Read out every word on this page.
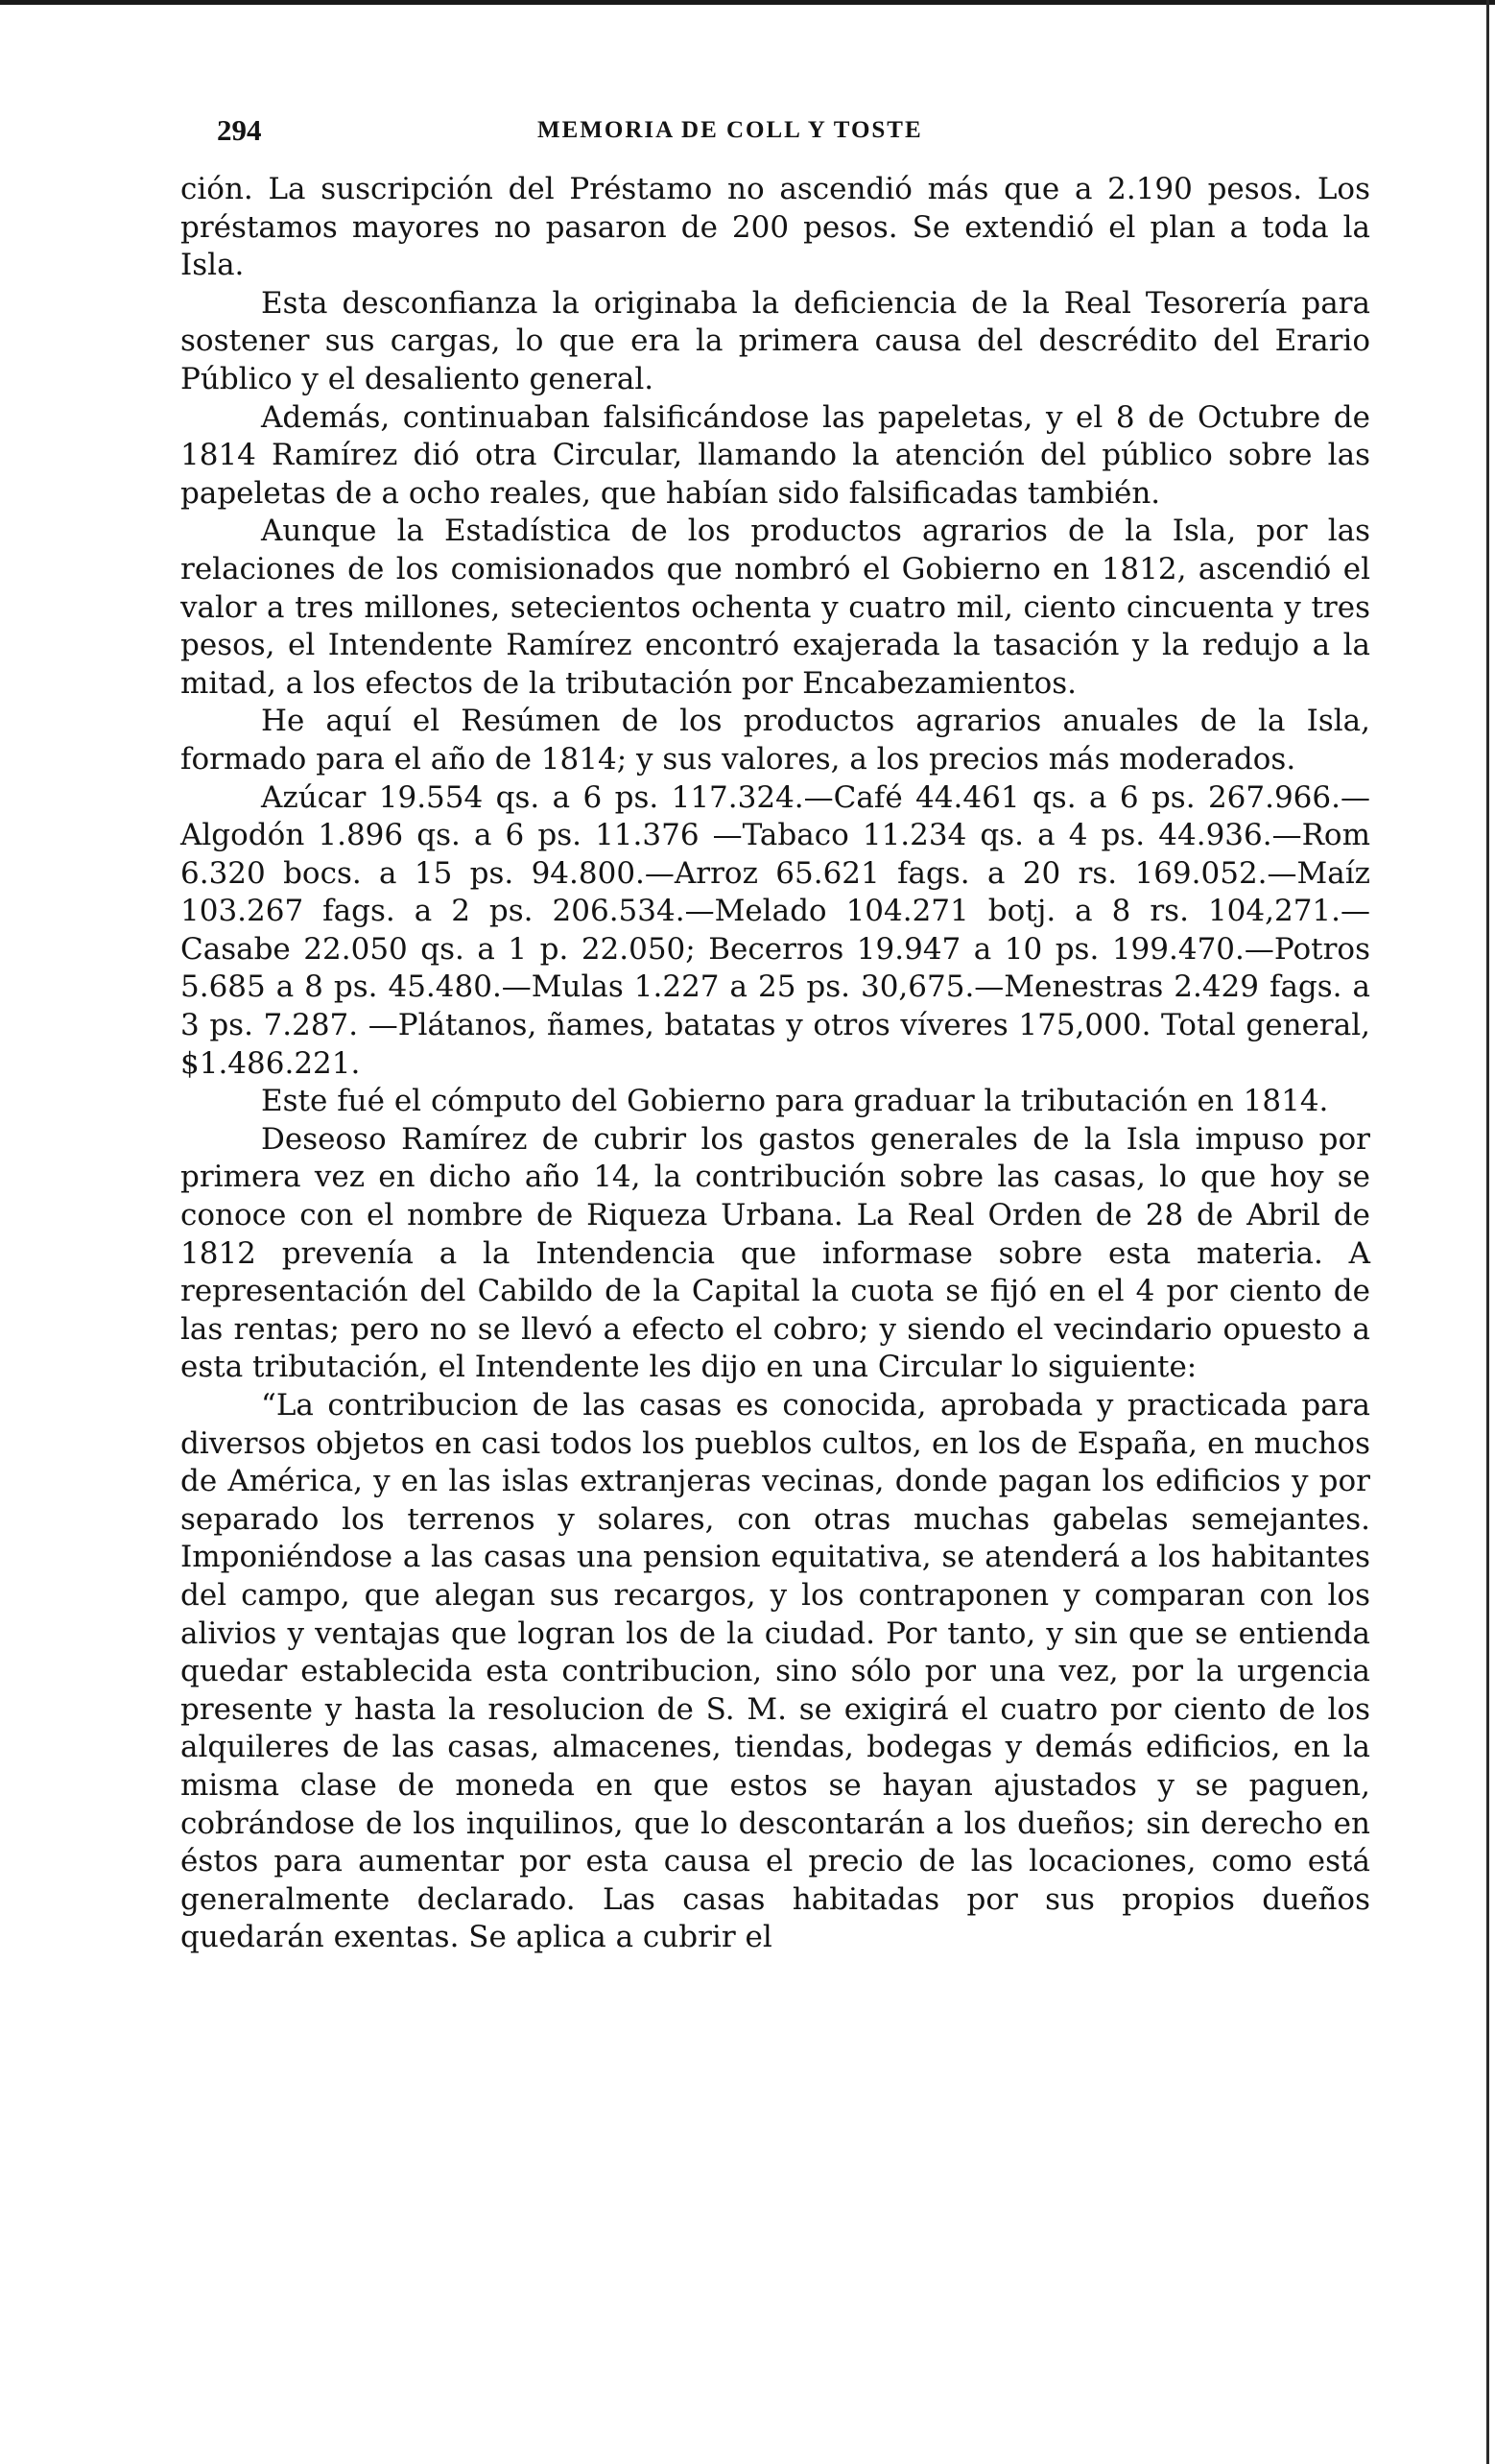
294	MEMORIA DE COLL Y TOSTE

ción. La suscripción del Préstamo no ascendió más que a 2.190 pesos. Los préstamos mayores no pasaron de 200 pesos. Se extendió el plan a toda la Isla.

Esta desconfianza la originaba la deficiencia de la Real Tesorería para sostener sus cargas, lo que era la primera causa del descrédito del Erario Público y el desaliento general.

Además, continuaban falsificándose las papeletas, y el 8 de Octubre de 1814 Ramírez dió otra Circular, llamando la atención del público sobre las papeletas de a ocho reales, que habían sido falsificadas también.

Aunque la Estadística de los productos agrarios de la Isla, por las relaciones de los comisionados que nombró el Gobierno en 1812, ascendió el valor a tres millones, setecientos ochenta y cuatro mil, ciento cincuenta y tres pesos, el Intendente Ramírez encontró exajerada la tasación y la redujo a la mitad, a los efectos de la tributación por Encabezamientos.

He aquí el Resúmen de los productos agrarios anuales de la Isla, formado para el año de 1814; y sus valores, a los precios más moderados.

Azúcar 19.554 qs. a 6 ps. 117.324.—Café 44.461 qs. a 6 ps. 267.966.—Algodón 1.896 qs. a 6 ps. 11.376 —Tabaco 11.234 qs. a 4 ps. 44.936.—Rom 6.320 bocs. a 15 ps. 94.800.—Arroz 65.621 fags. a 20 rs. 169.052.—Maíz 103.267 fags. a 2 ps. 206.534.—Melado 104.271 botj. a 8 rs. 104,271.—Casabe 22.050 qs. a 1 p. 22.050; Becerros 19.947 a 10 ps. 199.470.—Potros 5.685 a 8 ps. 45.480.—Mulas 1.227 a 25 ps. 30,675.—Menestras 2.429 fags. a 3 ps. 7.287. —Plátanos, ñames, batatas y otros víveres 175,000. Total general, $1.486.221.

Este fué el cómputo del Gobierno para graduar la tributación en 1814.

Deseoso Ramírez de cubrir los gastos generales de la Isla impuso por primera vez en dicho año 14, la contribución sobre las casas, lo que hoy se conoce con el nombre de Riqueza Urbana. La Real Orden de 28 de Abril de 1812 prevenía a la Intendencia que informase sobre esta materia. A representación del Cabildo de la Capital la cuota se fijó en el 4 por ciento de las rentas; pero no se llevó a efecto el cobro; y siendo el vecindario opuesto a esta tributación, el Intendente les dijo en una Circular lo siguiente:

“La contribucion de las casas es conocida, aprobada y practicada para diversos objetos en casi todos los pueblos cultos, en los de España, en muchos de América, y en las islas extranjeras vecinas, donde pagan los edificios y por separado los terrenos y solares, con otras muchas gabelas semejantes. Imponiéndose a las casas una pension equitativa, se atenderá a los habitantes del campo, que alegan sus recargos, y los contraponen y comparan con los alivios y ventajas que logran los de la ciudad. Por tanto, y sin que se entienda quedar establecida esta contribucion, sino sólo por una vez, por la urgencia presente y hasta la resolucion de S. M. se exigirá el cuatro por ciento de los alquileres de las casas, almacenes, tiendas, bodegas y demás edificios, en la misma clase de moneda en que estos se hayan ajustados y se paguen, cobrándose de los inquilinos, que lo descontarán a los dueños; sin derecho en éstos para aumentar por esta causa el precio de las locaciones, como está generalmente declarado. Las casas habitadas por sus propios dueños quedarán exentas. Se aplica a cubrir el
